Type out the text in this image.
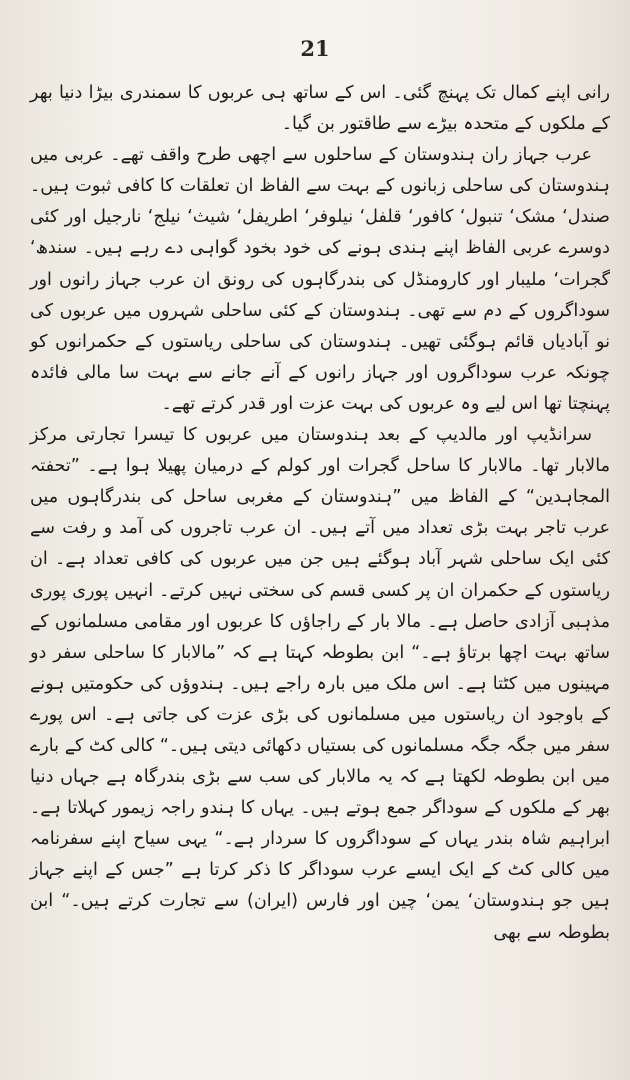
21

رانی اپنے کمال تک پہنچ گئی۔ اس کے ساتھ ہی عربوں کا سمندری بیڑا دنیا بھر کے ملکوں کے متحدہ بیڑے سے طاقتور بن گیا۔

عرب جہاز ران ہندوستان کے ساحلوں سے اچھی طرح واقف تھے۔ عربی میں ہندوستان کی ساحلی زبانوں کے بہت سے الفاظ ان تعلقات کا کافی ثبوت ہیں۔ صندل‘ مشک‘ تنبول‘ کافور‘ قلفل‘ نیلوفر‘ اطریفل‘ شیث‘ نیلج‘ نارجیل اور کئی دوسرے عربی الفاظ اپنے ہندی ہونے کی خود بخود گواہی دے رہے ہیں۔ سندھ‘ گجرات‘ ملیبار اور کارومنڈل کی بندرگاہوں کی رونق ان عرب جہاز رانوں اور سوداگروں کے دم سے تھی۔ ہندوستان کے کئی ساحلی شہروں میں عربوں کی نو آبادیاں قائم ہوگئی تھیں۔ ہندوستان کی ساحلی ریاستوں کے حکمرانوں کو چونکہ عرب سوداگروں اور جہاز رانوں کے آنے جانے سے بہت سا مالی فائدہ پہنچتا تھا اس لیے وہ عربوں کی بہت عزت اور قدر کرتے تھے۔

سرانڈیپ اور مالدیپ کے بعد ہندوستان میں عربوں کا تیسرا تجارتی مرکز مالابار تھا۔ مالابار کا ساحل گجرات اور کولم کے درمیان پھیلا ہوا ہے۔ ”تحفتہ المجاہدین“ کے الفاظ میں ”ہندوستان کے مغربی ساحل کی بندرگاہوں میں عرب تاجر بہت بڑی تعداد میں آتے ہیں۔ ان عرب تاجروں کی آمد و رفت سے کئی ایک ساحلی شہر آباد ہوگئے ہیں جن میں عربوں کی کافی تعداد ہے۔ ان ریاستوں کے حکمران ان پر کسی قسم کی سختی نہیں کرتے۔ انہیں پوری پوری مذہبی آزادی حاصل ہے۔ مالا بار کے راجاؤں کا عربوں اور مقامی مسلمانوں کے ساتھ بہت اچھا برتاؤ ہے۔“ ابن بطوطہ کہتا ہے کہ ”مالابار کا ساحلی سفر دو مہینوں میں کٹتا ہے۔ اس ملک میں بارہ راجے ہیں۔ ہندوؤں کی حکومتیں ہونے کے باوجود ان ریاستوں میں مسلمانوں کی بڑی عزت کی جاتی ہے۔ اس پورے سفر میں جگہ جگہ مسلمانوں کی بستیاں دکھائی دیتی ہیں۔“ کالی کٹ کے بارے میں ابن بطوطہ لکھتا ہے کہ یہ مالابار کی سب سے بڑی بندرگاہ ہے جہاں دنیا بھر کے ملکوں کے سوداگر جمع ہوتے ہیں۔ یہاں کا ہندو راجہ زیمور کہلاتا ہے۔ ابراہیم شاہ بندر یہاں کے سوداگروں کا سردار ہے۔“ یہی سیاح اپنے سفرنامہ میں کالی کٹ کے ایک ایسے عرب سوداگر کا ذکر کرتا ہے ”جس کے اپنے جہاز ہیں جو ہندوستان‘ یمن‘ چین اور فارس (ایران) سے تجارت کرتے ہیں۔“ ابن بطوطہ سے بھی
